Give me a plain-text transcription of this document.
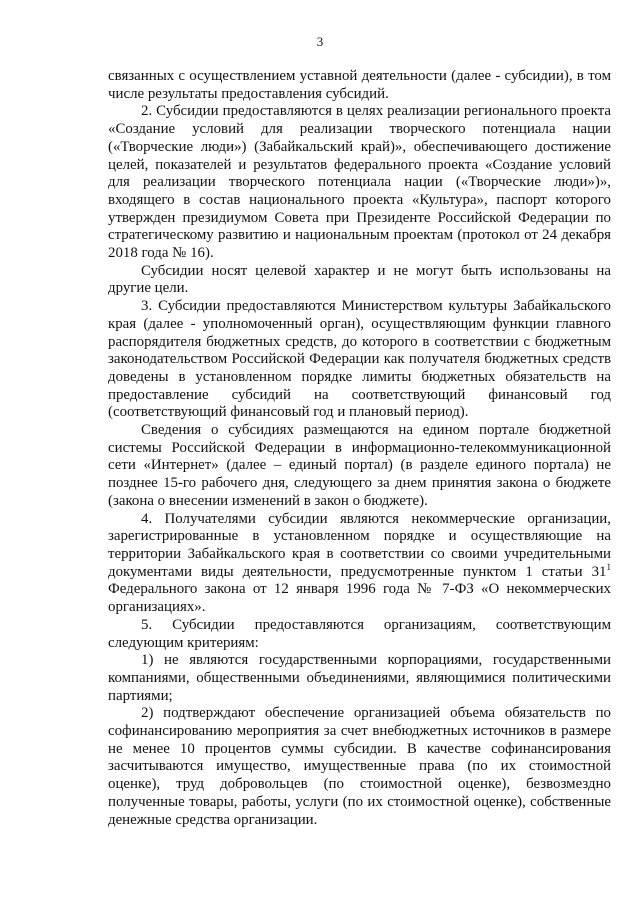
3

связанных с осуществлением уставной деятельности (далее - субсидии), в том числе результаты предоставления субсидий.

2. Субсидии предоставляются в целях реализации регионального проекта «Создание условий для реализации творческого потенциала нации («Творческие люди») (Забайкальский край)», обеспечивающего достижение целей, показателей и результатов федерального проекта «Создание условий для реализации творческого потенциала нации («Творческие люди»)», входящего в состав национального проекта «Культура», паспорт которого утвержден президиумом Совета при Президенте Российской Федерации по стратегическому развитию и национальным проектам (протокол от 24 декабря 2018 года № 16).

Субсидии носят целевой характер и не могут быть использованы на другие цели.

3. Субсидии предоставляются Министерством культуры Забайкальского края (далее - уполномоченный орган), осуществляющим функции главного распорядителя бюджетных средств, до которого в соответствии с бюджетным законодательством Российской Федерации как получателя бюджетных средств доведены в установленном порядке лимиты бюджетных обязательств на предоставление субсидий на соответствующий финансовый год (соответствующий финансовый год и плановый период).

Сведения о субсидиях размещаются на едином портале бюджетной системы Российской Федерации в информационно-телекоммуникационной сети «Интернет» (далее – единый портал) (в разделе единого портала) не позднее 15-го рабочего дня, следующего за днем принятия закона о бюджете (закона о внесении изменений в закон о бюджете).

4. Получателями субсидии являются некоммерческие организации, зарегистрированные в установленном порядке и осуществляющие на территории Забайкальского края в соответствии со своими учредительными документами виды деятельности, предусмотренные пунктом 1 статьи $31^1$ Федерального закона от 12 января 1996 года № 7-ФЗ «О некоммерческих организациях».

5. Субсидии предоставляются организациям, соответствующим следующим критериям:

1) не являются государственными корпорациями, государственными компаниями, общественными объединениями, являющимися политическими партиями;

2) подтверждают обеспечение организацией объема обязательств по софинансированию мероприятия за счет внебюджетных источников в размере не менее 10 процентов суммы субсидии. В качестве софинансирования засчитываются имущество, имущественные права (по их стоимостной оценке), труд добровольцев (по стоимостной оценке), безвозмездно полученные товары, работы, услуги (по их стоимостной оценке), собственные денежные средства организации.
